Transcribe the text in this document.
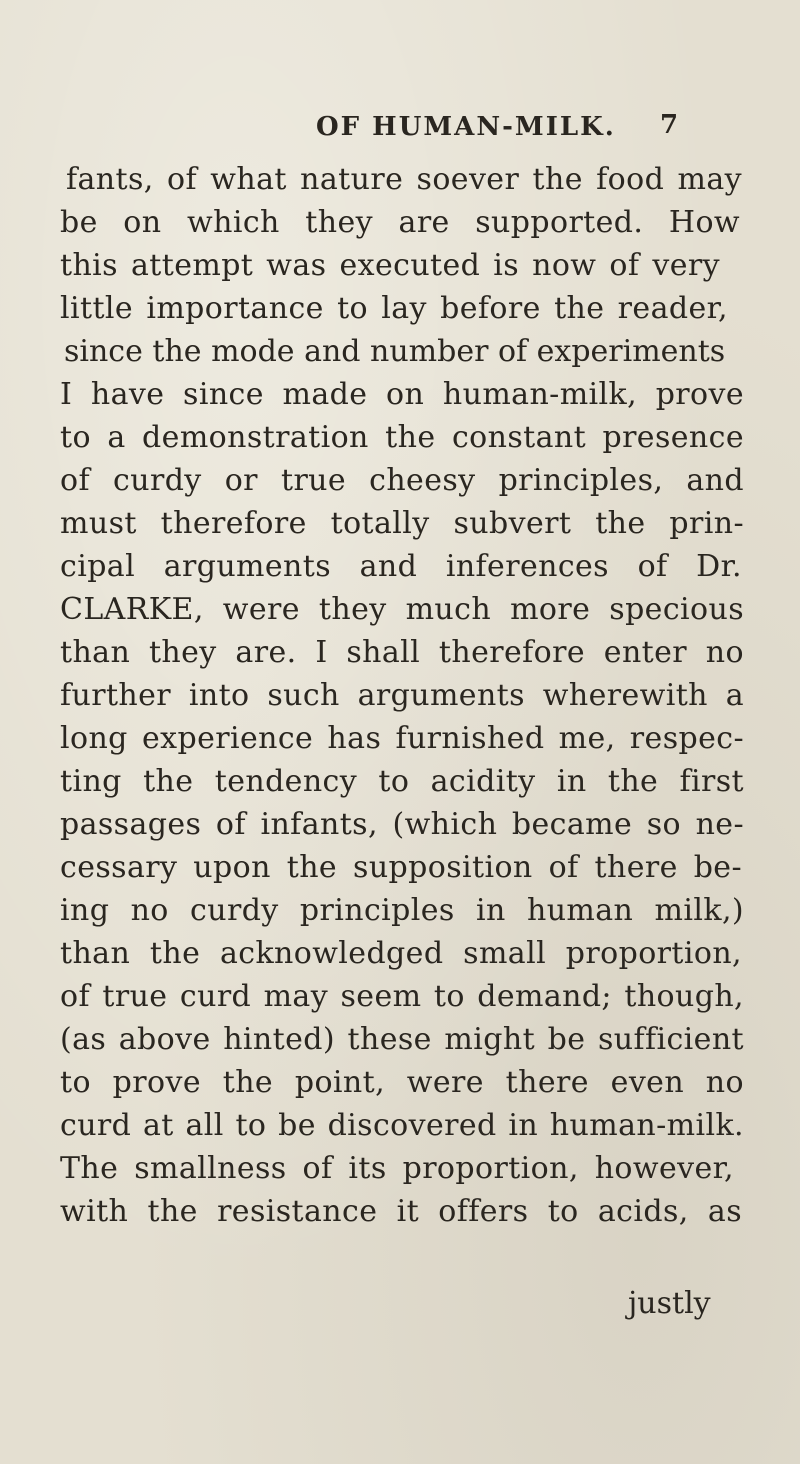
OF HUMAN-MILK. 7
fants, of what nature soever the food may
be on which they are supported. How
this attempt was executed is now of very
little importance to lay before the reader,
since the mode and number of experiments
I have since made on human-milk, prove
to a demonstration the constant presence
of curdy or true cheesy principles, and
must therefore totally subvert the prin-
cipal arguments and inferences of Dr.
CLARKE, were they much more specious
than they are. I shall therefore enter no
further into such arguments wherewith a
long experience has furnished me, respec-
ting the tendency to acidity in the first
passages of infants, (which became so ne-
cessary upon the supposition of there be-
ing no curdy principles in human milk,)
than the acknowledged small proportion,
of true curd may seem to demand; though,
(as above hinted) these might be sufficient
to prove the point, were there even no
curd at all to be discovered in human-milk.
The smallness of its proportion, however,
with the resistance it offers to acids, as
justly
